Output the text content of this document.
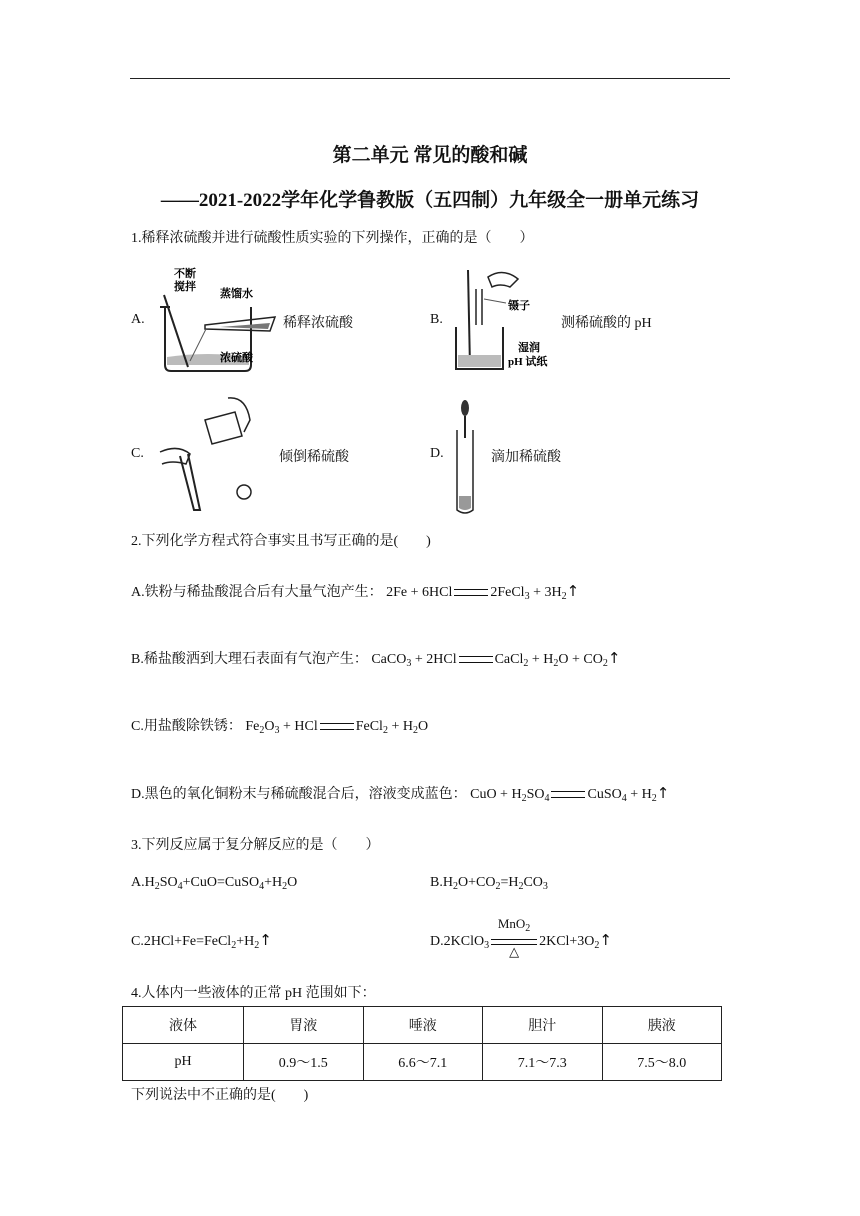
第二单元 常见的酸和碱
——2021-2022学年化学鲁教版（五四制）九年级全一册单元练习
1.稀释浓硫酸并进行硫酸性质实验的下列操作，正确的是（　　）
A.
不断
搅拌
蒸馏水
浓硫酸
稀释浓硫酸	B.
镊子
湿润
pH 试纸
测稀硫酸的 pH
C.	倾倒稀硫酸	D.	滴加稀硫酸
2.下列化学方程式符合事实且书写正确的是(　　)
A.铁粉与稀盐酸混合后有大量气泡产生： 2Fe + 6HCl	2FeCl$_3$ + $3H_2↑$
B.稀盐酸洒到大理石表面有气泡产生： CaCO$_3$ + 2HCl	CaCl$_2$ + $H_2O$ + $CO_2↑$
C.用盐酸除铁锈： $Fe_2O_3$ + HCl	FeCl$_2$ + $H_2O$
D.黑色的氧化铜粉末与稀硫酸混合后，溶液变成蓝色： CuO + $H_2SO_4$	CuSO$_4$ + $H_2↑$
3.下列反应属于复分解反应的是（　　）
$A.H_2SO_4+CuO=CuSO_4+H_2O$	$B.H_2O+CO_2=H_2CO_3$
$C.2HCl+Fe=FeCl_2+H_2↑$	D.2KClO$_3$
MnO$_2$
△
$2KCl+3O_2↑$
4.人体内一些液体的正常 pH 范围如下：
液体	胃液	唾液	胆汁	胰液
pH	0.9～1.5	6.6～7.1	7.1～7.3	7.5～8.0
下列说法中不正确的是(　　)
